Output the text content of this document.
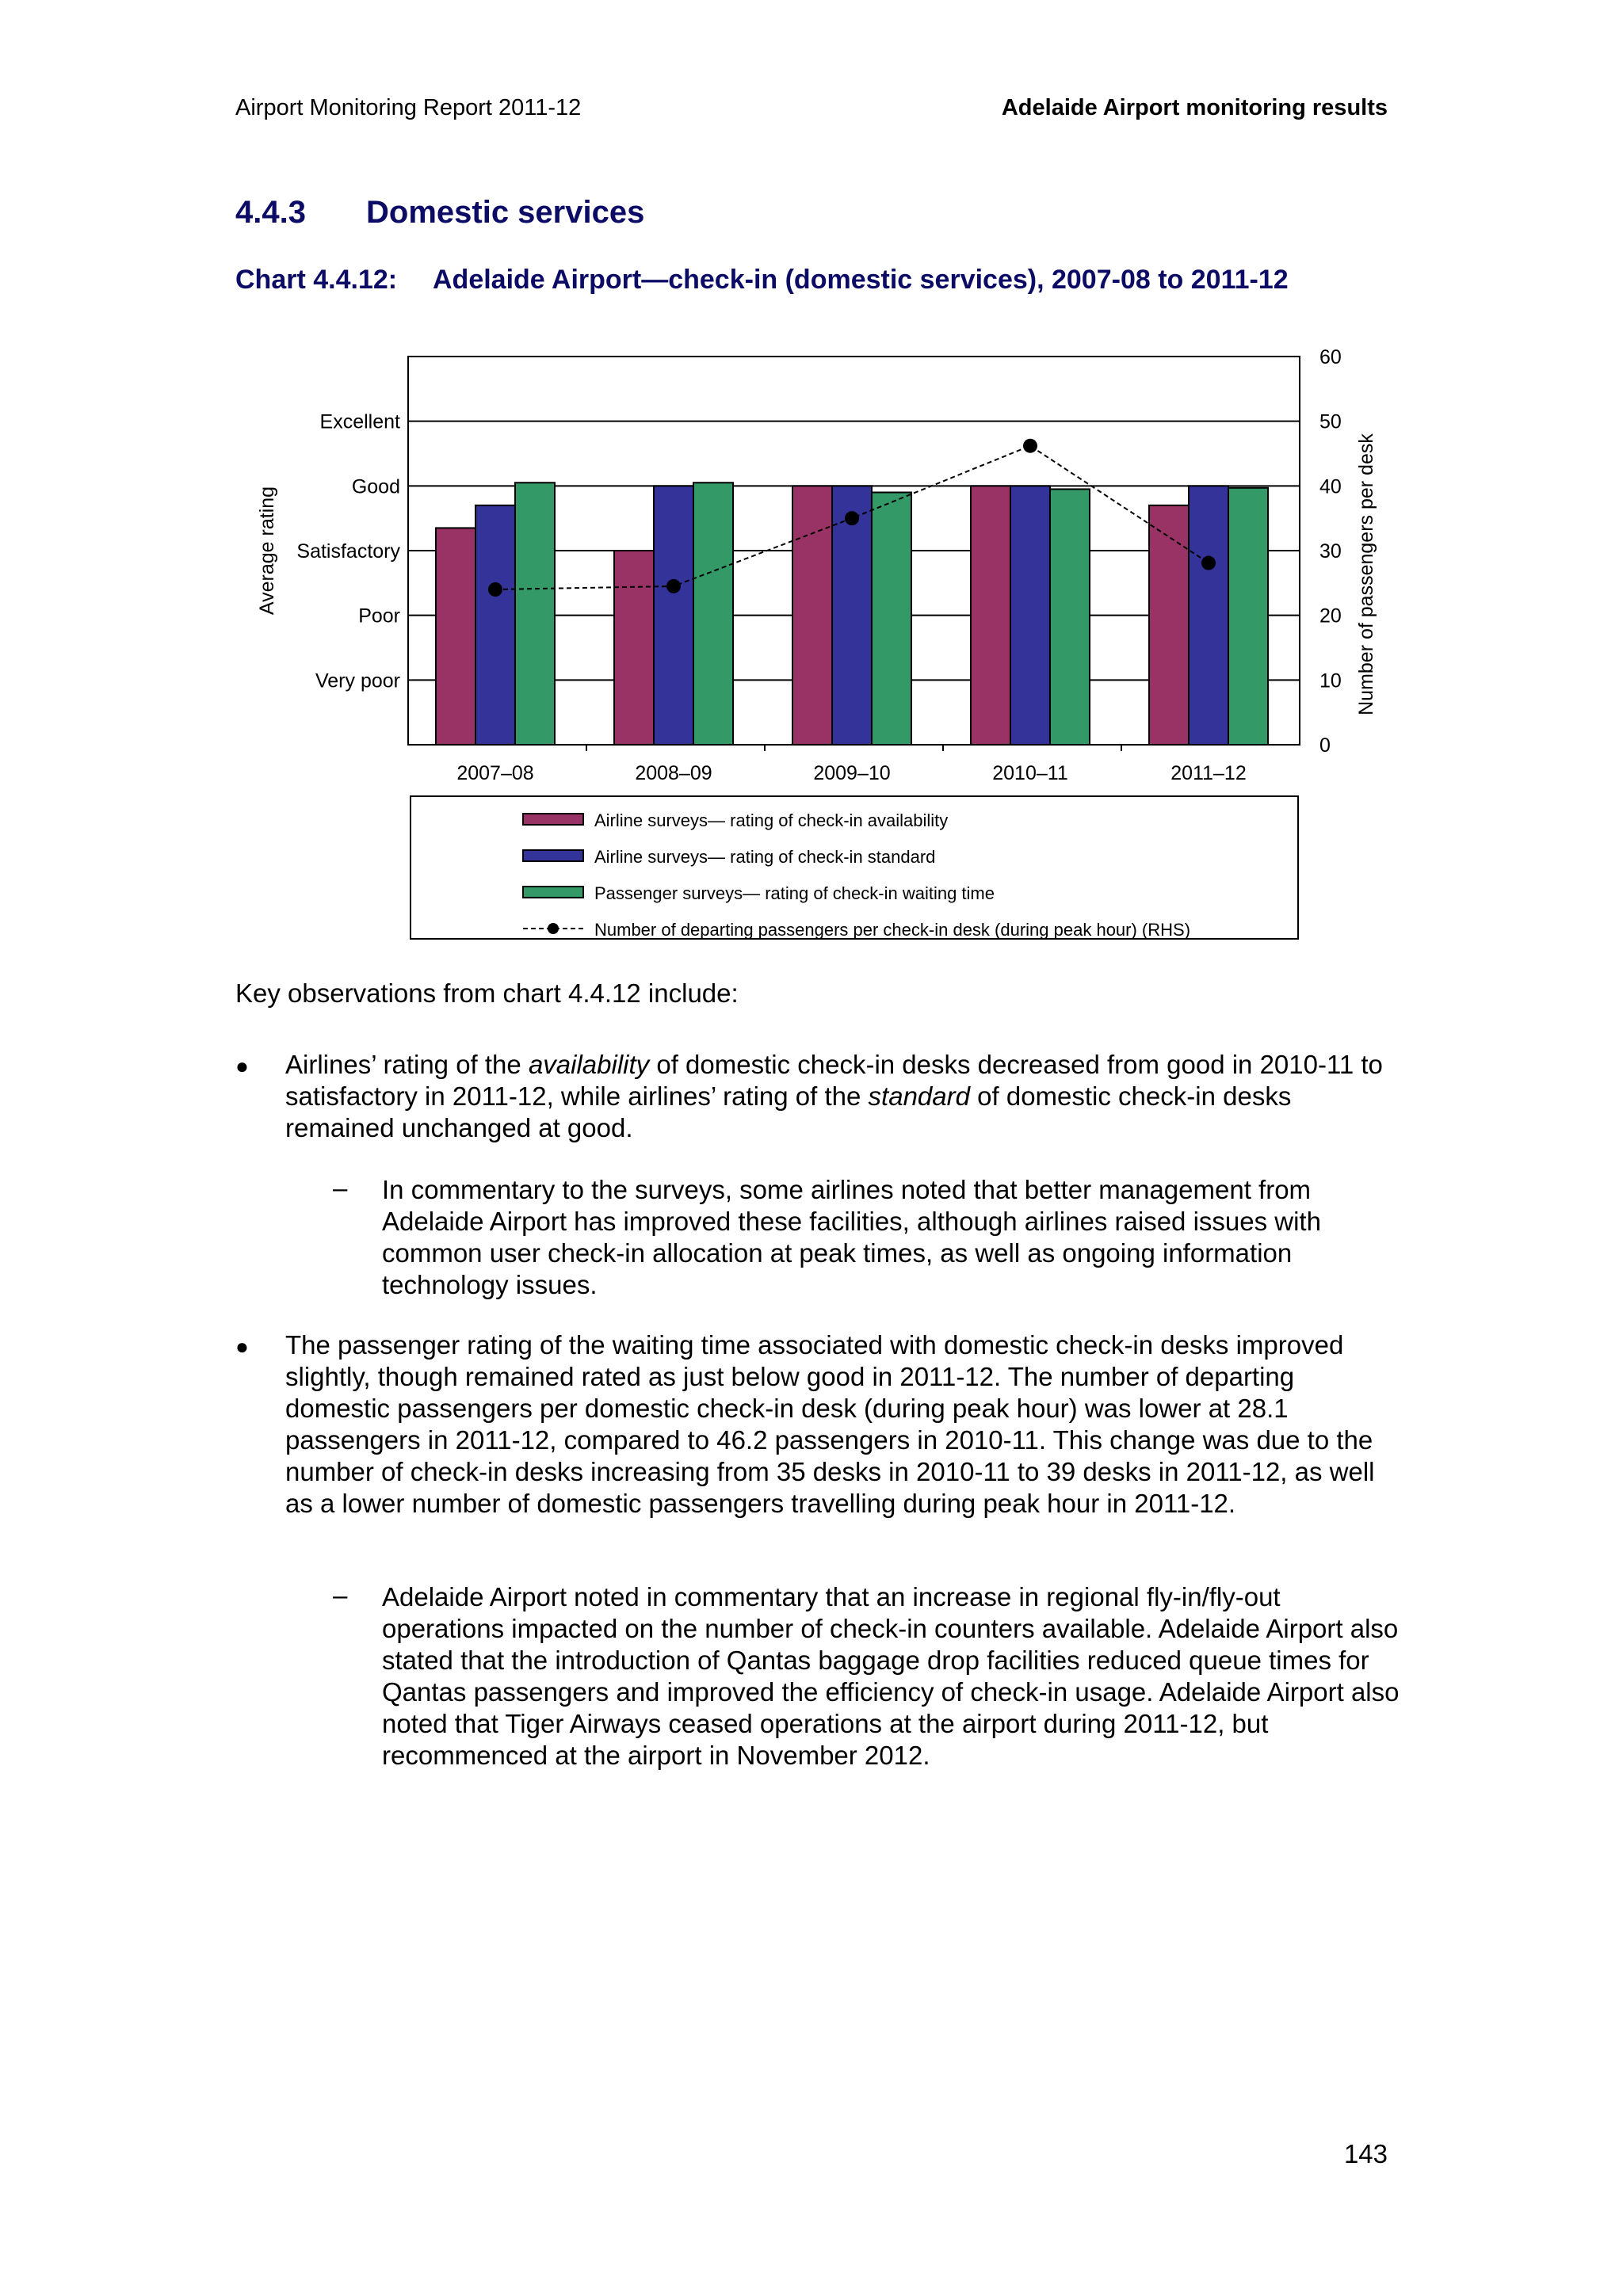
Airport Monitoring Report 2011-12	Adelaide Airport monitoring results
4.4.3 Domestic services
Chart 4.4.12: Adelaide Airport—check-in (domestic services), 2007-08 to 2011-12
Very poor
Poor
Satisfactory
Good
Excellent
Average rating
0
10
20
30
40
50
60
Number of passengers per desk
2007–08	2008–09	2009–10	2010–11	2011–12
Airline surveys— rating of check-in availability
Airline surveys— rating of check-in standard
Passenger surveys— rating of check-in waiting time
Number of departing passengers per check-in desk (during peak hour) (RHS)
Key observations from chart 4.4.12 include:
● Airlines’ rating of the availability of domestic check-in desks decreased from good in 2010-11 to satisfactory in 2011-12, while airlines’ rating of the standard of domestic check-in desks remained unchanged at good.
– In commentary to the surveys, some airlines noted that better management from Adelaide Airport has improved these facilities, although airlines raised issues with common user check-in allocation at peak times, as well as ongoing information technology issues.
● The passenger rating of the waiting time associated with domestic check-in desks improved slightly, though remained rated as just below good in 2011-12. The number of departing domestic passengers per domestic check-in desk (during peak hour) was lower at 28.1 passengers in 2011-12, compared to 46.2 passengers in 2010-11. This change was due to the number of check-in desks increasing from 35 desks in 2010-11 to 39 desks in 2011-12, as well as a lower number of domestic passengers travelling during peak hour in 2011-12.
– Adelaide Airport noted in commentary that an increase in regional fly-in/fly-out operations impacted on the number of check-in counters available. Adelaide Airport also stated that the introduction of Qantas baggage drop facilities reduced queue times for Qantas passengers and improved the efficiency of check-in usage. Adelaide Airport also noted that Tiger Airways ceased operations at the airport during 2011-12, but recommenced at the airport in November 2012.
143
